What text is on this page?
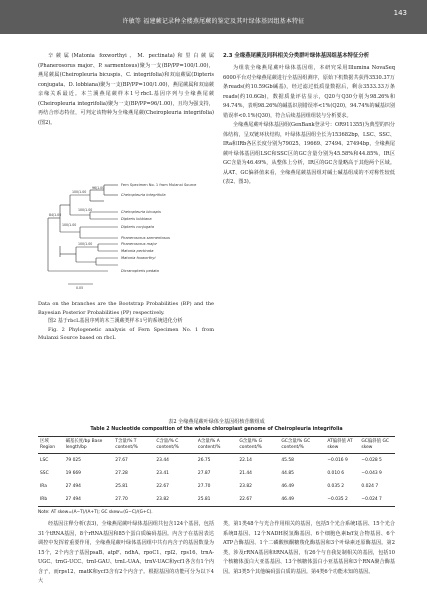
许敏等 福建蕨记录种全楼燕尾蕨的鉴定及其叶绿体基因组基本特征
143

辛蕨属(Matonia foxworthyi、M. pectinata)和里白蕨属(Phanerosorus major、P. sarmentosus)聚为一支(BP/PP=100/1.00)，燕尾蕨属(Cheiropleuria bicuspis、C. integrifolia)和双扇蕨属(Dipteris conjugata、D. lobbiana)聚为一支(BP/PP=100/1.00)，燕尾蕨属和双扇蕨亲缘关系最近。本兰溪燕尾蕨样本1号rbcL基因序列与全缘燕尾蕨(Cheiropleuria integrifolia)聚为一支(BP/PP=96/1.00)，且均为强支持，再结合形态特征，可判定该物种为全缘燕尾蕨(Cheiropleuria integrifolia)(图2)。

Fern Specimen No. 1 from Mulanxi Source
Cheiropleuria integrifolia
Cheiropleuria bicuspis
Dipteris lobbiana
Dipteris conjugata
Phanerosorus sarmentosus
Phanerosorus major
Matonia pectinata
Matonia foxworthyi
Dicranopteris pedata
96/1.00
100/1.00
100/1.00
100/1.00
100/1.00
84/1.00
0.05

Data on the branches are the Bootstrap Probabilities (BP) and the Bayesian Posterior Probabilities (PP) respectively.

图2 基于rbcL基因序列的木兰溪蕨类样本1号的系统进化分析

Fig. 2 Phylogenetic analysis of Fern Specimen No. 1 from Mulanxi Source based on rbcL

2.3 全缘燕尾蕨及同科相关分类群叶绿体基因组基本特征分析

为组装全缘燕尾蕨叶绿体基因组，本研究采用Illumina NovaSeq 6000平台对全缘燕尾蕨进行全基因组测序，原始下机数据共获得3530.37万条reads(约10.59Gb碱基)，经过滤过低质量数据后，剩余3533.33万条reads(约10.6Gb)，数据质量评估显示，Q20与Q30分别为98.26%和94.74%，表明98.26%的碱基识别错误率<1%(Q20)，94.74%的碱基识别错误率<0.1%(Q30)，符合后续基因组组装与分析要求。

全缘燕尾蕨叶绿体基因组(GenBank登录号：OR911355)为典型的四分体结构，呈双链环状结构，叶绿体基因组全长为153682bp，LSC、SSC、IRa和IRb各区长度分别为79025、19669、27494、27494bp，全缘燕尾蕨叶绿体基因组LSC和SSC区的GC含量分别为45.58%和44.85%，IR区GC含量为46.49%，从整体上分析，IR区的GC含量略高于其他两个区域。从AT、GC偏斜值来看，全缘燕尾蕨基因组对碱土碱基组成的不对称性较低(表2、图3)。

表2 全缘燕尾蕨叶绿体全基因组核苷酸组成
Table 2 Nucleotide composition of the whole chloroplast genome of Cheiropleuria integrifolia
区域 Region	碱基长度/bp Base length/bp	T含量/% T content/%	C含量/% C content/%	A含量/% A content/%	G含量/% G content/%	GC含量/% GC content/%	AT偏斜值 AT skew	GC偏斜值 GC skew
LSC	79 025	27.67	23.44	26.75	22.14	45.58	−0.016 9	−0.028 5
SSC	19 669	27.28	23.41	27.87	21.44	44.85	0.010 6	−0.043 9
IRa	27 494	25.81	22.67	27.70	23.82	46.49	0.035 2	0.024 7
IRb	27 494	27.70	23.82	25.81	22.67	46.49	−0.035 2	−0.024 7
Note: AT skew=(A−T)/(A+T); GC skew=(G−C)/(G+C).

经基因注释分析(表3)，全缘燕尾蕨叶绿体基因组共包含124个基因，包括31个tRNA基因，8个rRNA基因和85个蛋白质编码基因。内含子在基因表达调控中发挥着重要作用，全缘燕尾蕨叶绿体基因组中共有内含子的基因数量为15个，2个内含子基因psaB、atpF、ndhA、rpoC1、rpl2、rps16、trnA-UGC、trnG-UCC、trnI-GAU、trnL-UAA、trnV-UAC和ycf1各含有1个内含子，而rps12、matK和ycf3含有2个内含子。根据基因的功能可分为以下4大

类，第1类48个与光合作用相关的基因，包括5个光合系统Ⅰ基因、15个光合系统Ⅱ基因、12个NADH脱氢酶基因、6个细胞色素b/f复合物基因、6个ATP合酶基因、1个二磷酸核酮糖羧化酶基因和3个叶绿素还原酶基因。第2类，涉及rRNA基因和tRNA基因，有26个与自我复制相关的基因，包括10个核糖体蛋白大亚基基因、13个核糖体蛋白小亚基基因和3个RNA聚合酶基因。第3类5个其他编码蛋白质的基因。第4类6个功能未知的基因。
